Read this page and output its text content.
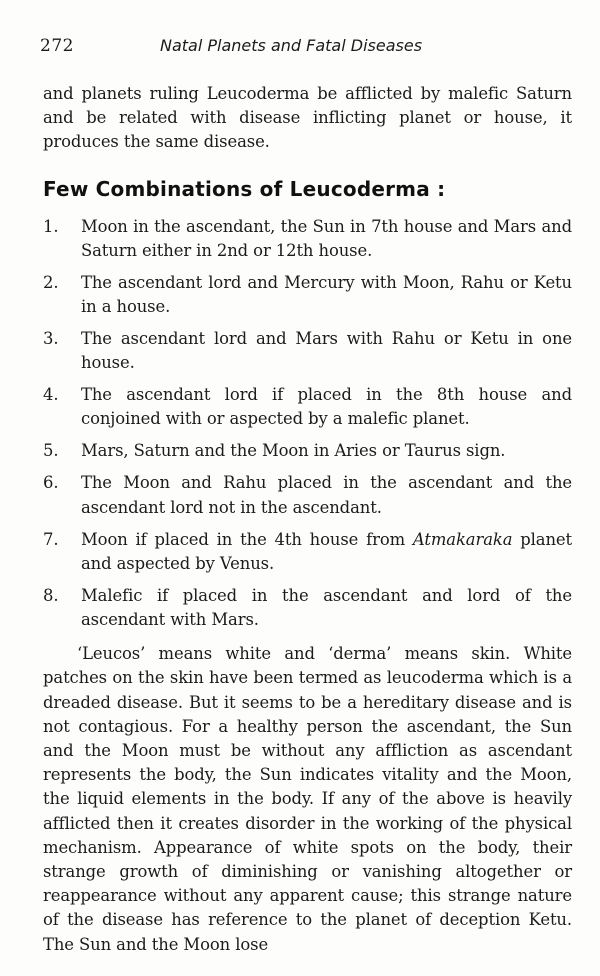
272	Natal Planets and Fatal Diseases

and planets ruling Leucoderma be afflicted by malefic Saturn and be related with disease inflicting planet or house, it produces the same disease.

Few Combinations of Leucoderma :
1.	Moon in the ascendant, the Sun in 7th house and Mars and Saturn either in 2nd or 12th house.
2.	The ascendant lord and Mercury with Moon, Rahu or Ketu in a house.
3.	The ascendant lord and Mars with Rahu or Ketu in one house.
4.	The ascendant lord if placed in the 8th house and conjoined with or aspected by a malefic planet.
5.	Mars, Saturn and the Moon in Aries or Taurus sign.
6.	The Moon and Rahu placed in the ascendant and the ascendant lord not in the ascendant.
7.	Moon if placed in the 4th house from Atmakaraka planet and aspected by Venus.
8.	Malefic if placed in the ascendant and lord of the ascendant with Mars.

‘Leucos’ means white and ‘derma’ means skin. White patches on the skin have been termed as leucoderma which is a dreaded disease. But it seems to be a hereditary disease and is not contagious. For a healthy person the ascendant, the Sun and the Moon must be without any affliction as ascendant represents the body, the Sun indicates vitality and the Moon, the liquid elements in the body. If any of the above is heavily afflicted then it creates disorder in the working of the physical mechanism. Appearance of white spots on the body, their strange growth of diminishing or vanishing altogether or reappearance without any apparent cause; this strange nature of the disease has reference to the planet of deception Ketu. The Sun and the Moon lose
